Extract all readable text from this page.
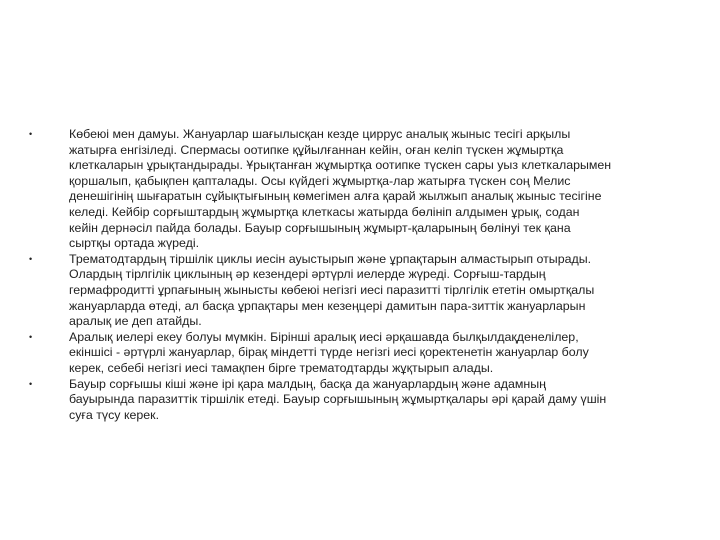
•	Көбеюі мен дамуы. Жануарлар шағылысқан кезде циррус аналық жыныс тесігі арқылы
жатырға енгізіледі. Спермасы оотипке құйылғаннан кейін, оған келіп түскен жұмыртқа
клеткаларын ұрықтандырады. Ұрықтанған жұмыртқа оотипке түскен сары уыз клеткаларымен
қоршалып, қабықпен қапталады. Осы күйдегі жұмыртқа-лар жатырға түскен соң Мелис
денешігінің шығаратын сұйықтығының көмегімен алға қарай жылжып аналық жыныс тесігіне
келеді. Кейбір сорғыштардың жұмыртқа клеткасы жатырда бөлініп алдымен ұрық, содан
кейін дернәсіл пайда болады. Бауыр сорғышының жұмырт-қаларының бөлінуі тек қана
сыртқы ортада жүреді.
•	Трематодтардың тіршілік циклы иесін ауыстырып және ұрпақтарын алмастырып отырады.
Олардың тірлгілік циклының әр кезендері әртүрлі иелерде жүреді. Сорғыш-тардың
гермафродитті ұрпағының жынысты көбеюі негізгі иесі паразитті тірлгілік ететін омыртқалы
жануарларда өтеді, ал басқа ұрпақтары мен кезеңцері дамитын пара-зиттік жануарларын
аралық ие деп атайды.
•	Аралық иелері екеу болуы мүмкін. Бірінші аралық иесі әрқашавда былқылдақденелілер,
екіншісі - әртүрлі жануарлар, бірақ міндетті түрде негізгі иесі қоректенетін жануарлар болу
керек, себебі негізгі иесі тамақпен бірге трематодтарды жұқтырып алады.
•	Бауыр сорғышы кіші және ірі қара малдың, басқа да жануарлардың және адамның
бауырында паразиттік тіршілік етеді. Бауыр сорғышының жұмыртқалары әрі қарай даму үшін
суға түсу керек.
